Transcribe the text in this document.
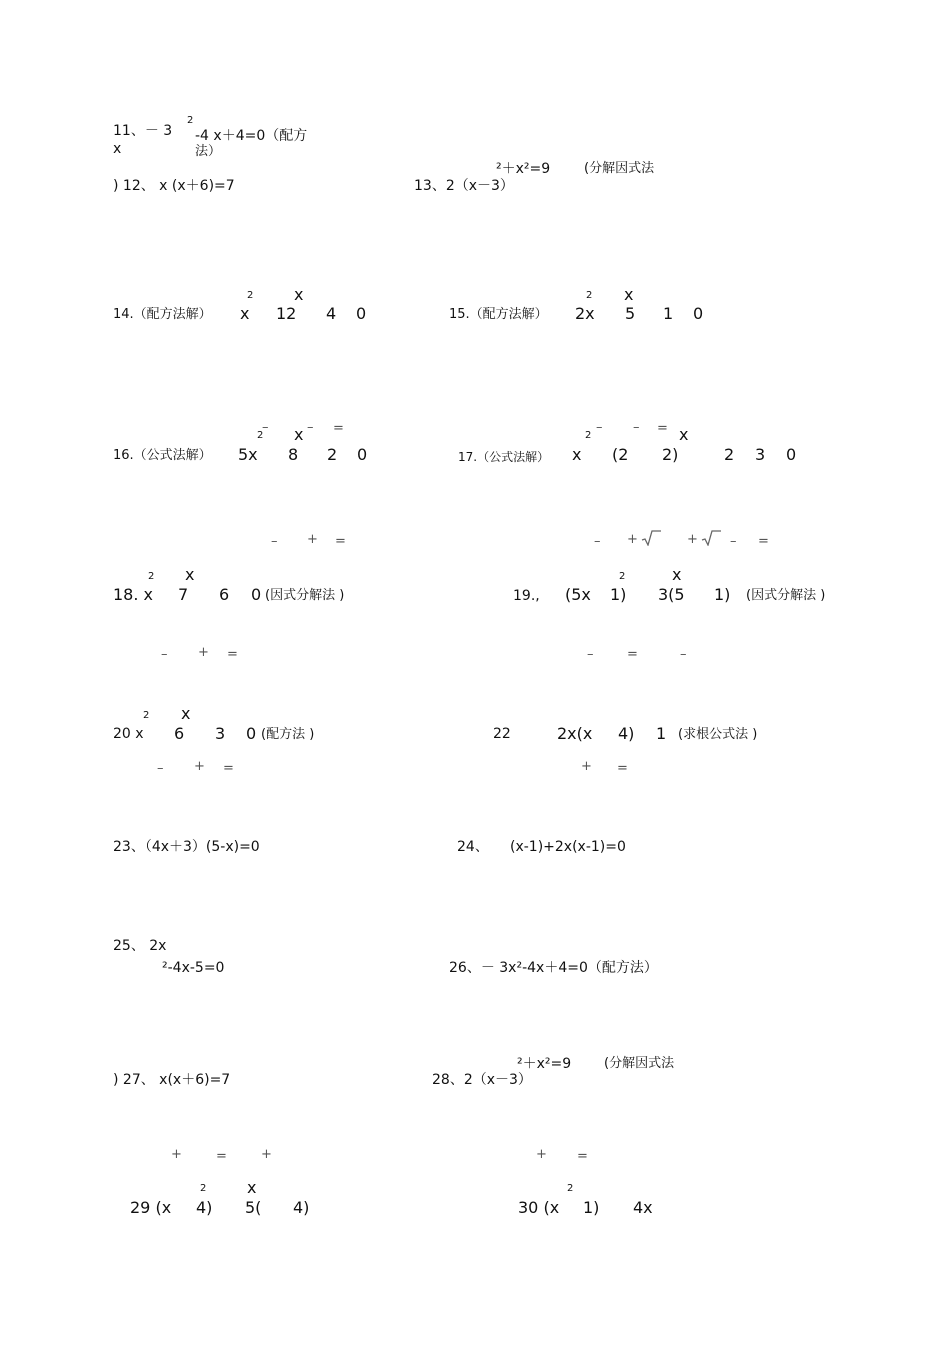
11、－ 3
x
2
-4 x＋4=0（配方
法）
²＋x²=9	(分解因式法
) 12、 x (x＋6)=7	13、2（x－3）
2	x
14.（配方法解） x 12 4 0
2 x
15.（配方法解） 2x 5 1 0
–
2 x – =
16.（公式法解） 5x 8 2 0
2
– – = x
17.（公式法解） x (2 2)	2 3 0
– + =	– +	+ – =
2 x
18. x 7 6 0 (因式分解法 )
2	x
19., (5x 1) 3(5 1) (因式分解法 )
– + =	–	=	–
2 x
20 x 6 3 0 (配方法 )	22	2x(x 4) 1 (求根公式法 )
– + =	+ =
23、（4x＋3）(5-x)=0	24、 (x-1)+2x(x-1)=0
25、 2x
²-4x-5=0	26、－ 3x²-4x＋4=0（配方法）
²＋x²=9	(分解因式法
) 27、 x(x＋6)=7	28、2（x－3）
+	=	+	+ =
2	x
29 (x 4) 5( 4)
2
30 (x 1) 4x
